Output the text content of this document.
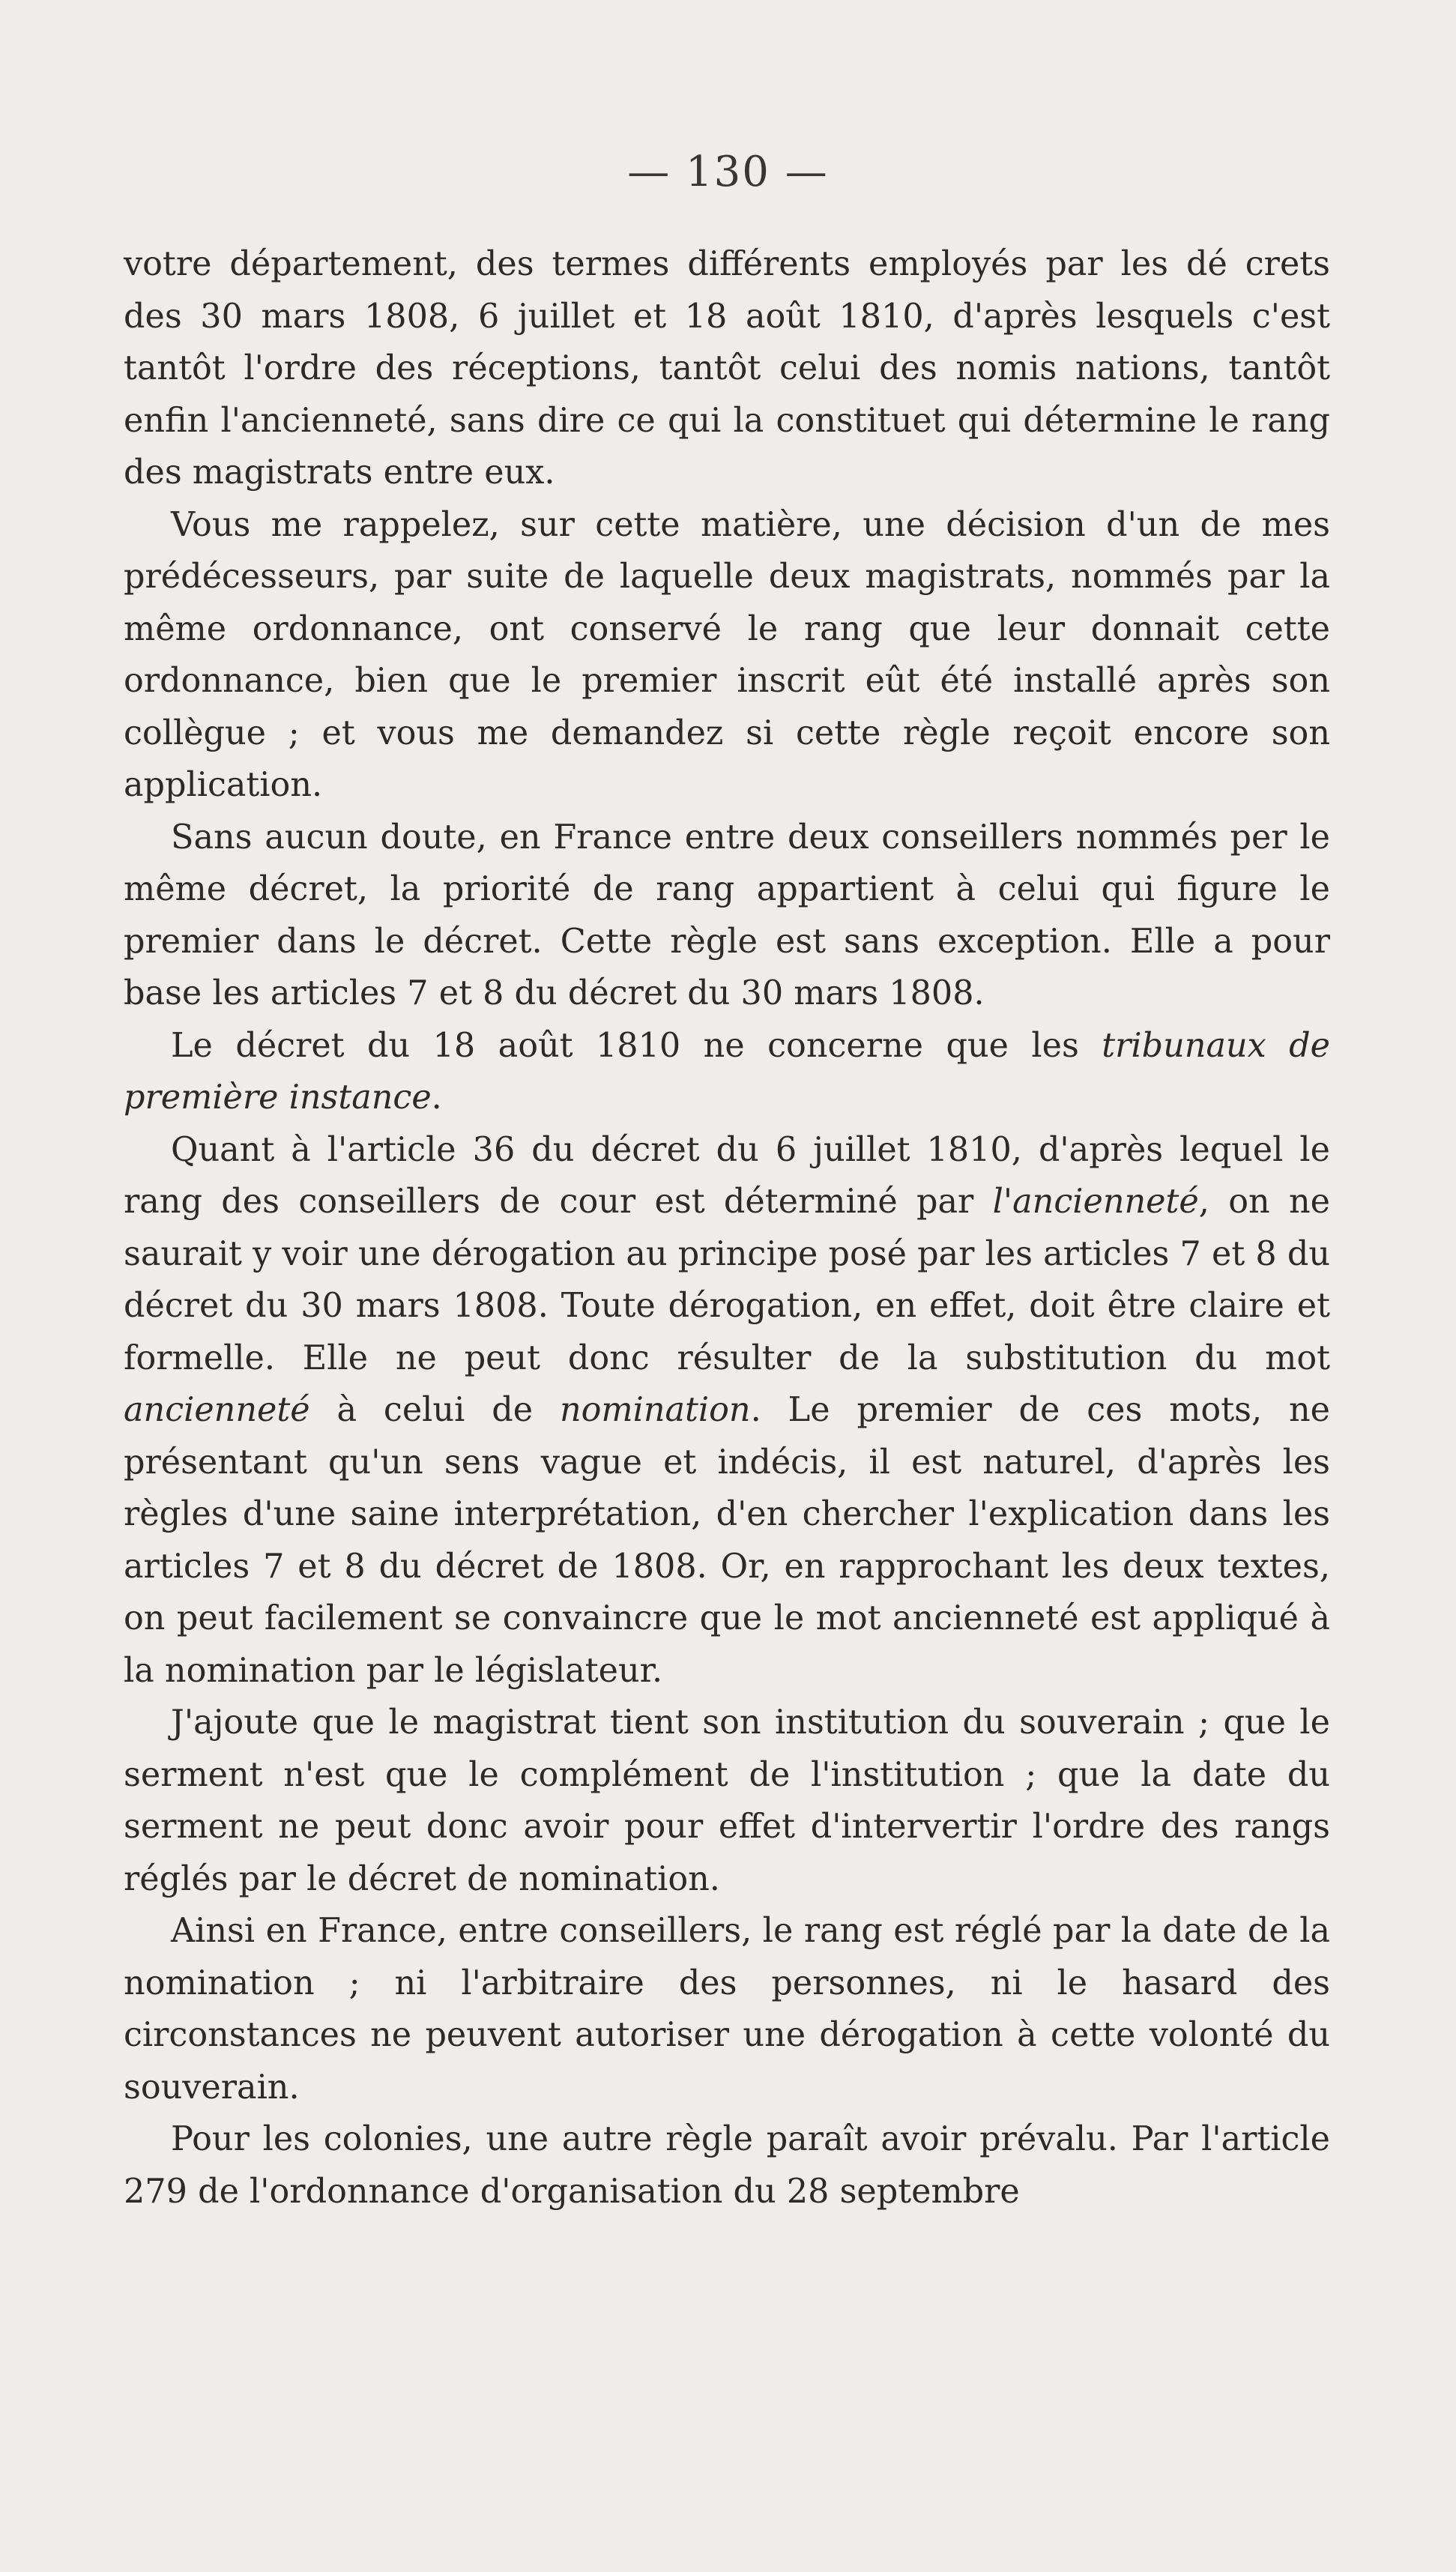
— 130 —

votre département, des termes différents employés par les dé crets des 30 mars 1808, 6 juillet et 18 août 1810, d'après lesquels c'est tantôt l'ordre des réceptions, tantôt celui des nomis nations, tantôt enfin l'ancienneté, sans dire ce qui la constituet qui détermine le rang des magistrats entre eux.

Vous me rappelez, sur cette matière, une décision d'un de mes prédécesseurs, par suite de laquelle deux magistrats, nommés par la même ordonnance, ont conservé le rang que leur donnait cette ordonnance, bien que le premier inscrit eût été installé après son collègue ; et vous me demandez si cette règle reçoit encore son application.

Sans aucun doute, en France entre deux conseillers nommés per le même décret, la priorité de rang appartient à celui qui figure le premier dans le décret. Cette règle est sans exception. Elle a pour base les articles 7 et 8 du décret du 30 mars 1808.

Le décret du 18 août 1810 ne concerne que les tribunaux de première instance.

Quant à l'article 36 du décret du 6 juillet 1810, d'après lequel le rang des conseillers de cour est déterminé par l'ancienneté, on ne saurait y voir une dérogation au principe posé par les articles 7 et 8 du décret du 30 mars 1808. Toute dérogation, en effet, doit être claire et formelle. Elle ne peut donc résulter de la substitution du mot ancienneté à celui de nomination. Le premier de ces mots, ne présentant qu'un sens vague et indécis, il est naturel, d'après les règles d'une saine interprétation, d'en chercher l'explication dans les articles 7 et 8 du décret de 1808. Or, en rapprochant les deux textes, on peut facilement se convaincre que le mot ancienneté est appliqué à la nomination par le législateur.

J'ajoute que le magistrat tient son institution du souverain ; que le serment n'est que le complément de l'institution ; que la date du serment ne peut donc avoir pour effet d'intervertir l'ordre des rangs réglés par le décret de nomination.

Ainsi en France, entre conseillers, le rang est réglé par la date de la nomination ; ni l'arbitraire des personnes, ni le hasard des circonstances ne peuvent autoriser une dérogation à cette volonté du souverain.

Pour les colonies, une autre règle paraît avoir prévalu. Par l'article 279 de l'ordonnance d'organisation du 28 septembre
